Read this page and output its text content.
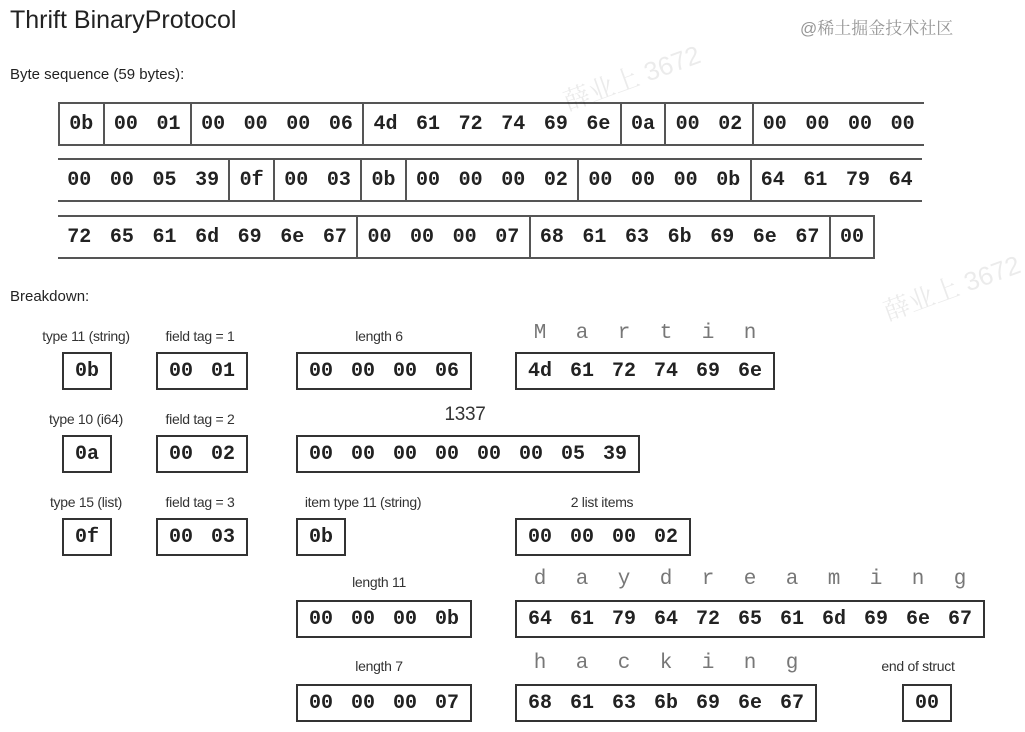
Thrift BinaryProtocol
Byte sequence (59 bytes):
Breakdown:
0b	00 01	00 00 00 06	4d 61 72 74 69 6e	0a	00 02	00 00 00 00
00 00 05 39	0f	00 03	0b	00 00 00 02	00 00 00 0b	64 61 79 64
72 65 61 6d 69 6e 67	00 00 00 07	68 61 63 6b 69 6e 67	00
type 11 (string)
0b
field tag = 1
00 01
length 6
00 00 00 06
M	a	r	t	i	n
4d 61 72 74 69 6e
type 10 (i64)
0a
field tag = 2
00 02
1337
00 00 00 00 00 00 05 39
type 15 (list)
0f
field tag = 3
00 03
item type 11 (string)
0b
2 list items
00 00 00 02
length 11
00 00 00 0b
d	a	y	d	r	e	a	m	i	n	g
64 61 79 64 72 65 61 6d 69 6e 67
length 7
00 00 00 07
h	a	c	k	i	n	g
68 61 63 6b 69 6e 67
end of struct
00
薛业上 3672
薛业上 3672
@稀土掘金技术社区
